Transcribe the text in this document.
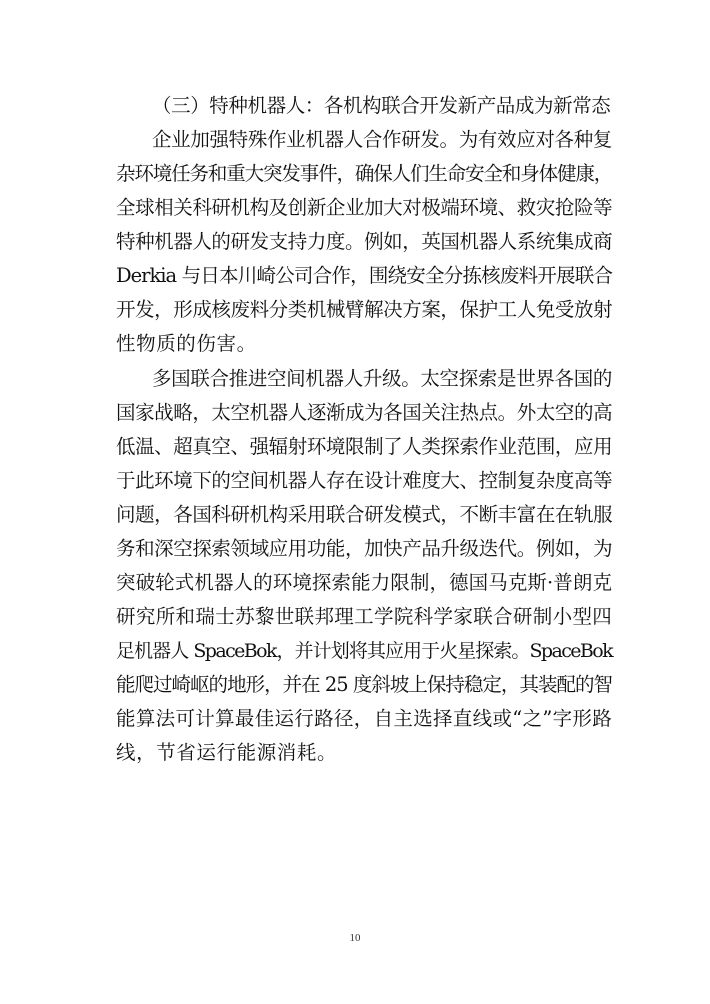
（三）特种机器人：各机构联合开发新产品成为新常态
企业加强特殊作业机器人合作研发。为有效应对各种复
杂环境任务和重大突发事件，确保人们生命安全和身体健康，
全球相关科研机构及创新企业加大对极端环境、救灾抢险等
特种机器人的研发支持力度。例如，英国机器人系统集成商
Derkia 与日本川崎公司合作，围绕安全分拣核废料开展联合
开发，形成核废料分类机械臂解决方案，保护工人免受放射
性物质的伤害。
多国联合推进空间机器人升级。太空探索是世界各国的
国家战略，太空机器人逐渐成为各国关注热点。外太空的高
低温、超真空、强辐射环境限制了人类探索作业范围，应用
于此环境下的空间机器人存在设计难度大、控制复杂度高等
问题，各国科研机构采用联合研发模式，不断丰富在在轨服
务和深空探索领域应用功能，加快产品升级迭代。例如，为
突破轮式机器人的环境探索能力限制，德国马克斯·普朗克
研究所和瑞士苏黎世联邦理工学院科学家联合研制小型四
足机器人 SpaceBok，并计划将其应用于火星探索。SpaceBok
能爬过崎岖的地形，并在 25 度斜坡上保持稳定，其装配的智
能算法可计算最佳运行路径，自主选择直线或“之”字形路
线，节省运行能源消耗。
10
